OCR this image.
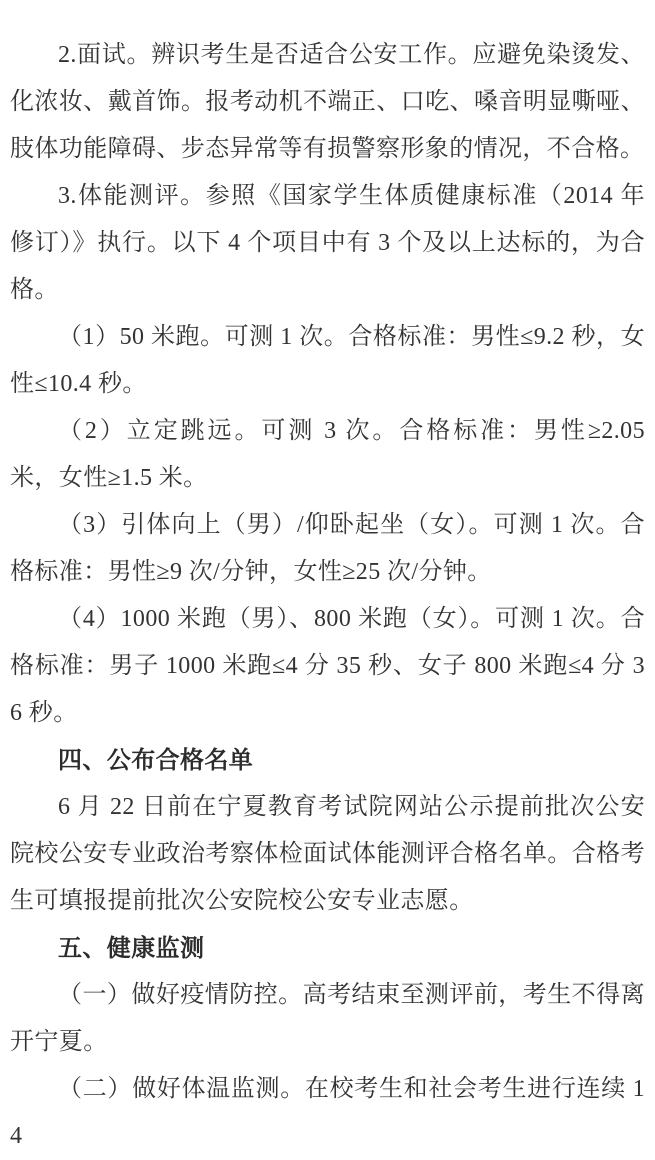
2.面试。辨识考生是否适合公安工作。应避免染烫发、化浓妆、戴首饰。报考动机不端正、口吃、嗓音明显嘶哑、肢体功能障碍、步态异常等有损警察形象的情况，不合格。

3.体能测评。参照《国家学生体质健康标准（2014 年修订）》执行。以下 4 个项目中有 3 个及以上达标的，为合格。

（1）50 米跑。可测 1 次。合格标准：男性≤9.2 秒，女性≤10.4 秒。

（2）立定跳远。可测 3 次。合格标准：男性≥2.05 米，女性≥1.5 米。

（3）引体向上（男）/仰卧起坐（女）。可测 1 次。合格标准：男性≥9 次/分钟，女性≥25 次/分钟。

（4）1000 米跑（男）、800 米跑（女）。可测 1 次。合格标准：男子 1000 米跑≤4 分 35 秒、女子 800 米跑≤4 分 36 秒。

四、公布合格名单

6 月 22 日前在宁夏教育考试院网站公示提前批次公安院校公安专业政治考察体检面试体能测评合格名单。合格考生可填报提前批次公安院校公安专业志愿。

五、健康监测

（一）做好疫情防控。高考结束至测评前，考生不得离开宁夏。

（二）做好体温监测。在校考生和社会考生进行连续 14
